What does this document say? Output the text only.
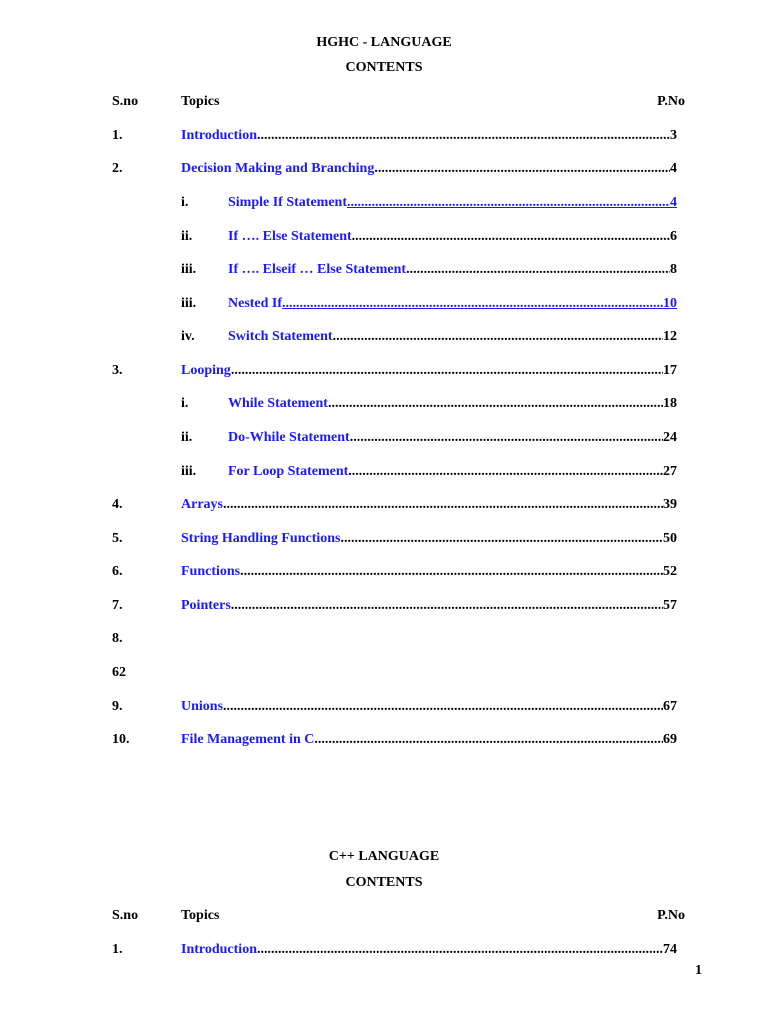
HGHC - LANGUAGE
CONTENTS
S.no	Topics	P.No
1.	Introduction .....	3
2.	Decision Making and Branching .....	4
i.	Simple If Statement .....	4
ii.	If …. Else Statement .....	6
iii. If …. Elseif … Else Statement .....	8
iii. Nested If .....	10
iv. Switch Statement .....	12
3.	Looping .....	17
i.	While Statement .....	18
ii.	Do-While Statement .....	24
iii. For Loop Statement .....	27
4.	Arrays .....	39
5.	String Handling Functions .....	50
6.	Functions .....	52
7.	Pointers .....	57
8.
62
9.	Unions .....	67
10.	File Management in C .....	69
C++ LANGUAGE
CONTENTS
S.no	Topics	P.No
1.	Introduction .....	74
1
